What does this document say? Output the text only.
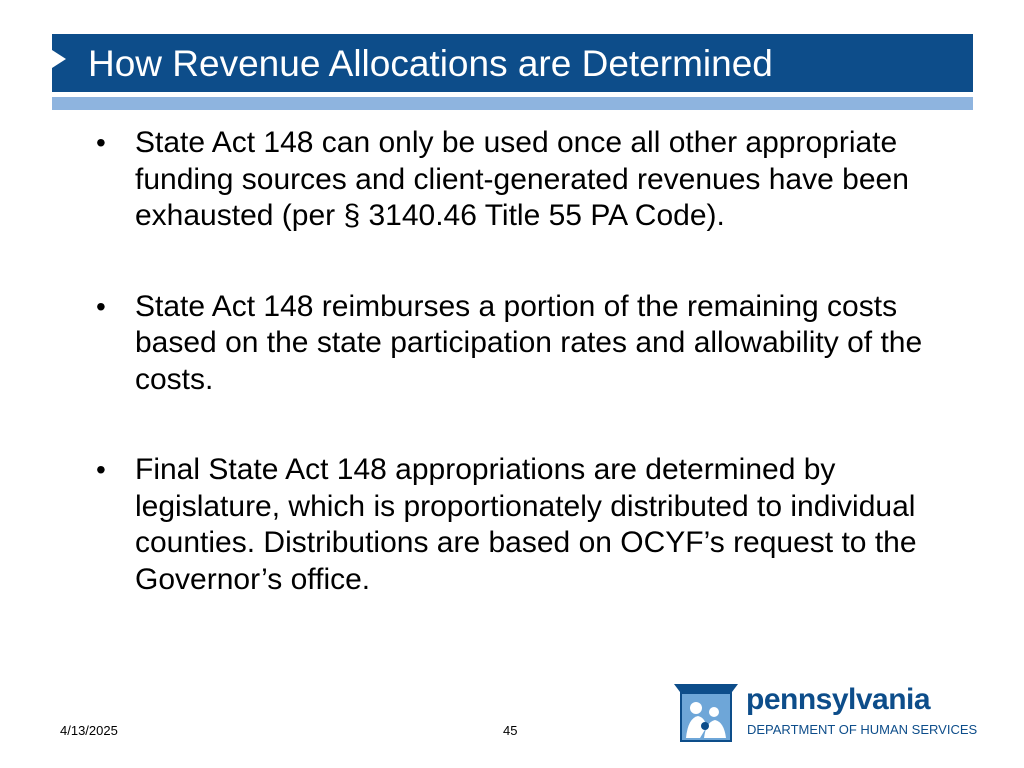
How Revenue Allocations are Determined
• State Act 148 can only be used once all other appropriate funding sources and client-generated revenues have been exhausted (per § 3140.46 Title 55 PA Code).
• State Act 148 reimburses a portion of the remaining costs based on the state participation rates and allowability of the costs.
• Final State Act 148 appropriations are determined by legislature, which is proportionately distributed to individual counties. Distributions are based on OCYF’s request to the Governor’s office.
4/13/2025	45
pennsylvania
DEPARTMENT OF HUMAN SERVICES
